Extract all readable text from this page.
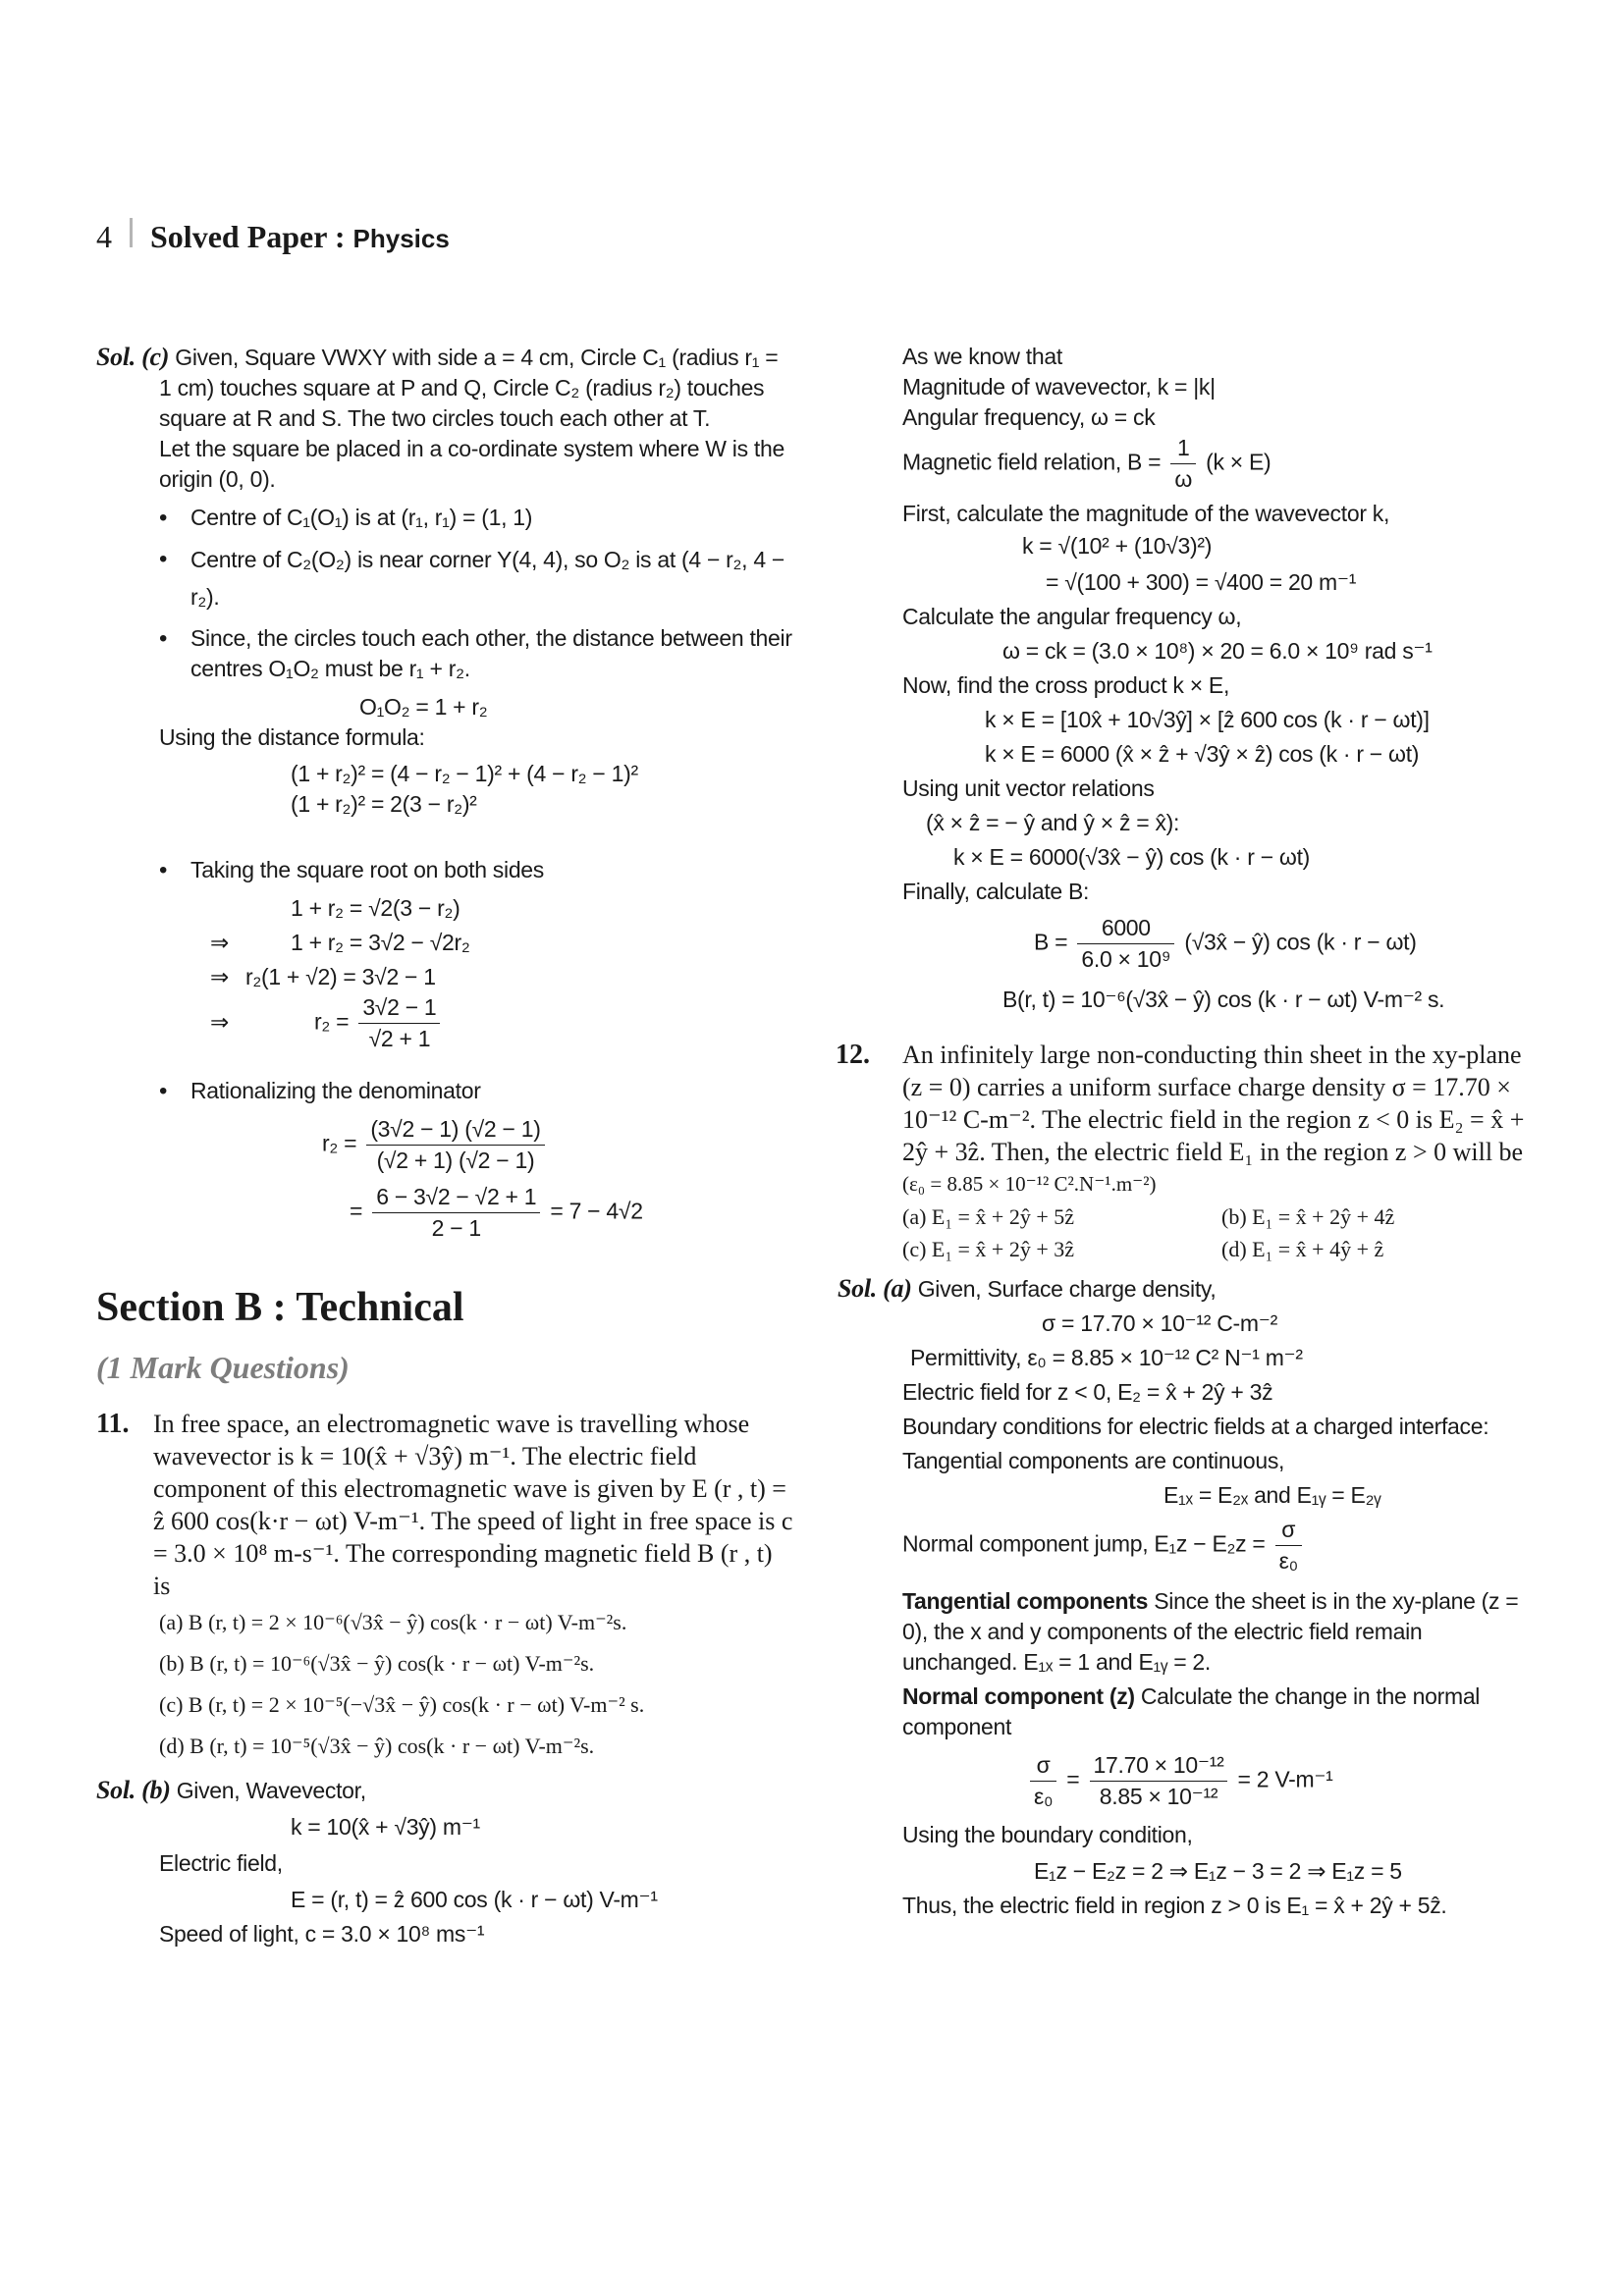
4 Solved Paper : Physics
Sol. (c) Given, Square VWXY with side a = 4 cm, Circle C₁ (radius r₁ = 1 cm) touches square at P and Q, Circle C₂ (radius r₂) touches square at R and S. The two circles touch each other at T.
Let the square be placed in a co-ordinate system where W is the origin (0, 0).
• Centre of C₁(O₁) is at (r₁, r₁) = (1, 1)
• Centre of C₂(O₂) is near corner Y(4, 4), so O₂ is at (4 − r₂, 4 − r₂).
• Since, the circles touch each other, the distance between their centres O₁O₂ must be r₁ + r₂.
O₁O₂ = 1 + r₂
Using the distance formula:
(1 + r₂)² = (4 − r₂ − 1)² + (4 − r₂ − 1)²
(1 + r₂)² = 2(3 − r₂)²
• Taking the square root on both sides
1 + r₂ = √2(3 − r₂)
⇒	1 + r₂ = 3√2 − √2r₂
⇒ r₂(1 + √2) = 3√2 − 1
⇒	$r_2 = \frac{3√2 - 1}{√2 + 1}$
• Rationalizing the denominator
$r_2 = \frac{(3√2 - 1) (√2 - 1)}{(√2 + 1) (√2 - 1)}$
= $\frac{6 - 3√2 - √2 + 1}{2 - 1} = 7 - 4√2$
Section B : Technical
(1 Mark Questions)
11. In free space, an electromagnetic wave is travelling whose wavevector is k = 10(x̂ + √3ŷ) m⁻¹. The electric field component of this electromagnetic wave is given by E (r , t) = ẑ 600 cos(k·r − ωt) V-m⁻¹. The speed of light in free space is c = 3.0 × 10⁸ m-s⁻¹. The corresponding magnetic field B (r , t) is
(a) B (r, t) = 2 × 10⁻⁶(√3x̂ − ŷ) cos(k · r − ωt) V-m⁻²s.
(b) B (r, t) = 10⁻⁶(√3x̂ − ŷ) cos(k · r − ωt) V-m⁻²s.
(c) B (r, t) = 2 × 10⁻⁵(−√3x̂ − ŷ) cos(k · r − ωt) V-m⁻² s.
(d) B (r, t) = 10⁻⁵(√3x̂ − ŷ) cos(k · r − ωt) V-m⁻²s.
Sol. (b) Given, Wavevector,
k = 10(x̂ + √3ŷ) m⁻¹
Electric field,
E = (r, t) = ẑ 600 cos (k · r − ωt) V-m⁻¹
Speed of light, c = 3.0 × 10⁸ ms⁻¹
As we know that
Magnitude of wavevector, k = |k|
Angular frequency, ω = ck
Magnetic field relation, $B = \frac{1}{\omega} (k \times E)$
First, calculate the magnitude of the wavevector k,
k = √(10² + (10√3)²)
= √(100 + 300) = √400 = 20 m⁻¹
Calculate the angular frequency ω,
ω = ck = (3.0 × 10⁸) × 20 = 6.0 × 10⁹ rad s⁻¹
Now, find the cross product k × E,
k × E = [10x̂ + 10√3ŷ] × [ẑ 600 cos (k · r − ωt)]
k × E = 6000 (x̂ × ẑ + √3ŷ × ẑ) cos (k · r − ωt)
Using unit vector relations
(x̂ × ẑ = − ŷ and ŷ × ẑ = x̂):
k × E = 6000(√3x̂ − ŷ) cos (k · r − ωt)
Finally, calculate B:
$B = \frac{6000}{\text{6.0 × 10⁹}}$ (√3x̂ − ŷ) cos (k · r − ωt)
B(r, t) = 10⁻⁶(√3x̂ − ŷ) cos (k · r − ωt) V-m⁻² s.
12.	An infinitely large non-conducting thin sheet in the xy-plane (z = 0) carries a uniform surface charge density σ = 17.70 × 10⁻¹² C-m⁻². The electric field in the region z < 0 is E₂ = x̂ + 2ŷ + 3ẑ. Then, the electric field E₁ in the region z > 0 will be
(ε₀ = 8.85 × 10⁻¹² C².N⁻¹.m⁻²)
(a) E₁ = x̂ + 2ŷ + 5ẑ	(b) E₁ = x̂ + 2ŷ + 4ẑ
(c) E₁ = x̂ + 2ŷ + 3ẑ	(d) E₁ = x̂ + 4ŷ + ẑ
Sol. (a) Given, Surface charge density,
σ = 17.70 × 10⁻¹² C-m⁻²
Permittivity, ε₀ = 8.85 × 10⁻¹² C² N⁻¹ m⁻²
Electric field for z < 0, E₂ = x̂ + 2ŷ + 3ẑ
Boundary conditions for electric fields at a charged interface:
Tangential components are continuous,
E₁ₓ = E₂ₓ and E₁ᵧ = E₂ᵧ
Normal component jump, $E_1z - E_2z = \frac{\sigma}{\text{ε₀}}$
Tangential components Since the sheet is in the xy-plane (z = 0), the x and y components of the electric field remain unchanged. E₁ₓ = 1 and E₁ᵧ = 2.
Normal component (z) Calculate the change in the normal component
$\frac{\sigma}{\text{ε₀}} = \frac{\text{17.70 × 10⁻¹²}}{\text{8.85 × 10⁻¹²}} = 2$ V-m⁻¹
Using the boundary condition,
E₁z − E₂z = 2 ⇒ E₁z − 3 = 2 ⇒ E₁z = 5
Thus, the electric field in region z > 0 is E₁ = x̂ + 2ŷ + 5ẑ.
